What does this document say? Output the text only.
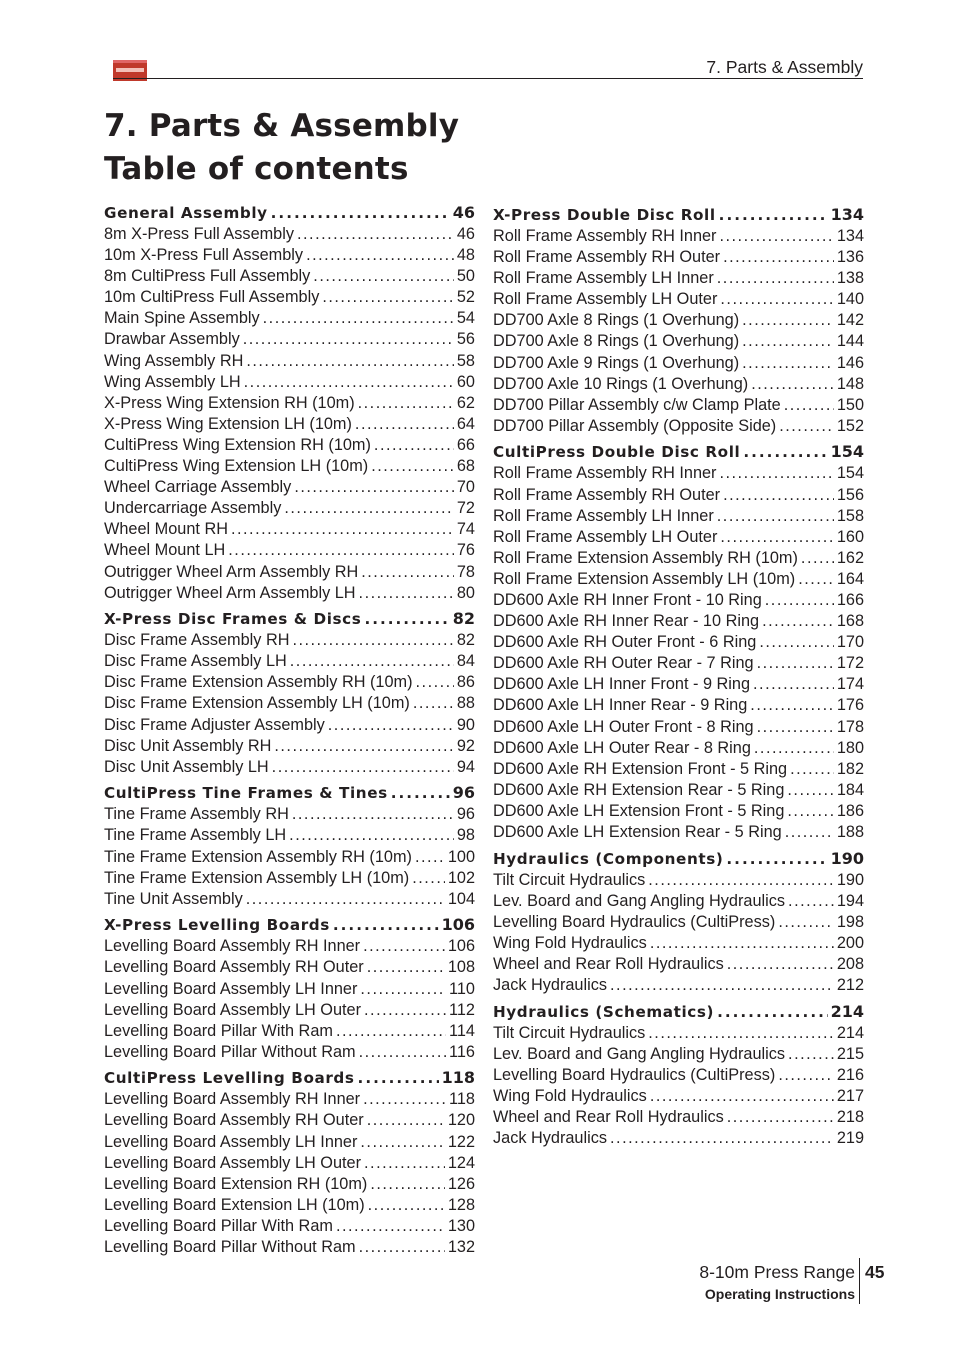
7. Parts & Assembly
7. Parts & Assembly
Table of contents
General Assembly .....	46
8m X-Press Full Assembly .....	46
10m X-Press Full Assembly .....	48
8m CultiPress Full Assembly .....	50
10m CultiPress Full Assembly .....	52
Main Spine Assembly .....	54
Drawbar Assembly .....	56
Wing Assembly RH .....	58
Wing Assembly LH .....	60
X-Press Wing Extension RH (10m) .....	62
X-Press Wing Extension LH (10m) .....	64
CultiPress Wing Extension RH (10m) .....	66
CultiPress Wing Extension LH (10m) .....	68
Wheel Carriage Assembly .....	70
Undercarriage Assembly .....	72
Wheel Mount RH .....	74
Wheel Mount LH .....	76
Outrigger Wheel Arm Assembly RH .....	78
Outrigger Wheel Arm Assembly LH .....	80
X-Press Disc Frames & Discs .....	82
Disc Frame Assembly RH .....	82
Disc Frame Assembly LH .....	84
Disc Frame Extension Assembly RH (10m) .....	86
Disc Frame Extension Assembly LH (10m) .....	88
Disc Frame Adjuster Assembly .....	90
Disc Unit Assembly RH .....	92
Disc Unit Assembly LH .....	94
CultiPress Tine Frames & Tines .....	96
Tine Frame Assembly RH .....	96
Tine Frame Assembly LH .....	98
Tine Frame Extension Assembly RH (10m) ..... 100
Tine Frame Extension Assembly LH (10m) ..... 102
Tine Unit Assembly .....	104
X-Press Levelling Boards .....	106
Levelling Board Assembly RH Inner .....	106
Levelling Board Assembly RH Outer .....	108
Levelling Board Assembly LH Inner .....	110
Levelling Board Assembly LH Outer .....	112
Levelling Board Pillar With Ram .....	114
Levelling Board Pillar Without Ram .....	116
CultiPress Levelling Boards .....	118
Levelling Board Assembly RH Inner .....	118
Levelling Board Assembly RH Outer .....	120
Levelling Board Assembly LH Inner .....	122
Levelling Board Assembly LH Outer .....	124
Levelling Board Extension RH (10m) .....	126
Levelling Board Extension LH (10m) .....	128
Levelling Board Pillar With Ram .....	130
Levelling Board Pillar Without Ram .....	132
X-Press Double Disc Roll .....	134
Roll Frame Assembly RH Inner .....	134
Roll Frame Assembly RH Outer .....	136
Roll Frame Assembly LH Inner .....	138
Roll Frame Assembly LH Outer .....	140
DD700 Axle 8 Rings (1 Overhung) .....	142
DD700 Axle 8 Rings (1 Overhung) .....	144
DD700 Axle 9 Rings (1 Overhung) .....	146
DD700 Axle 10 Rings (1 Overhung) .....	148
DD700 Pillar Assembly c/w Clamp Plate .....	150
DD700 Pillar Assembly (Opposite Side) .....	152
CultiPress Double Disc Roll .....	154
Roll Frame Assembly RH Inner .....	154
Roll Frame Assembly RH Outer .....	156
Roll Frame Assembly LH Inner .....	158
Roll Frame Assembly LH Outer .....	160
Roll Frame Extension Assembly RH (10m) ..... 162
Roll Frame Extension Assembly LH (10m) .....	164
DD600 Axle RH Inner Front - 10 Ring .....	166
DD600 Axle RH Inner Rear - 10 Ring .....	168
DD600 Axle RH Outer Front - 6 Ring .....	170
DD600 Axle RH Outer Rear - 7 Ring .....	172
DD600 Axle LH Inner Front - 9 Ring .....	174
DD600 Axle LH Inner Rear - 9 Ring .....	176
DD600 Axle LH Outer Front - 8 Ring .....	178
DD600 Axle LH Outer Rear - 8 Ring .....	180
DD600 Axle RH Extension Front - 5 Ring .....	182
DD600 Axle RH Extension Rear - 5 Ring .....	184
DD600 Axle LH Extension Front - 5 Ring .....	186
DD600 Axle LH Extension Rear - 5 Ring .....	188
Hydraulics (Components) .....	190
Tilt Circuit Hydraulics .....	190
Lev. Board and Gang Angling Hydraulics .....	194
Levelling Board Hydraulics (CultiPress) .....	198
Wing Fold Hydraulics .....	200
Wheel and Rear Roll Hydraulics .....	208
Jack Hydraulics .....	212
Hydraulics (Schematics) .....	214
Tilt Circuit Hydraulics .....	214
Lev. Board and Gang Angling Hydraulics .....	215
Levelling Board Hydraulics (CultiPress) .....	216
Wing Fold Hydraulics .....	217
Wheel and Rear Roll Hydraulics .....	218
Jack Hydraulics .....	219
8-10m Press Range 45
Operating Instructions
